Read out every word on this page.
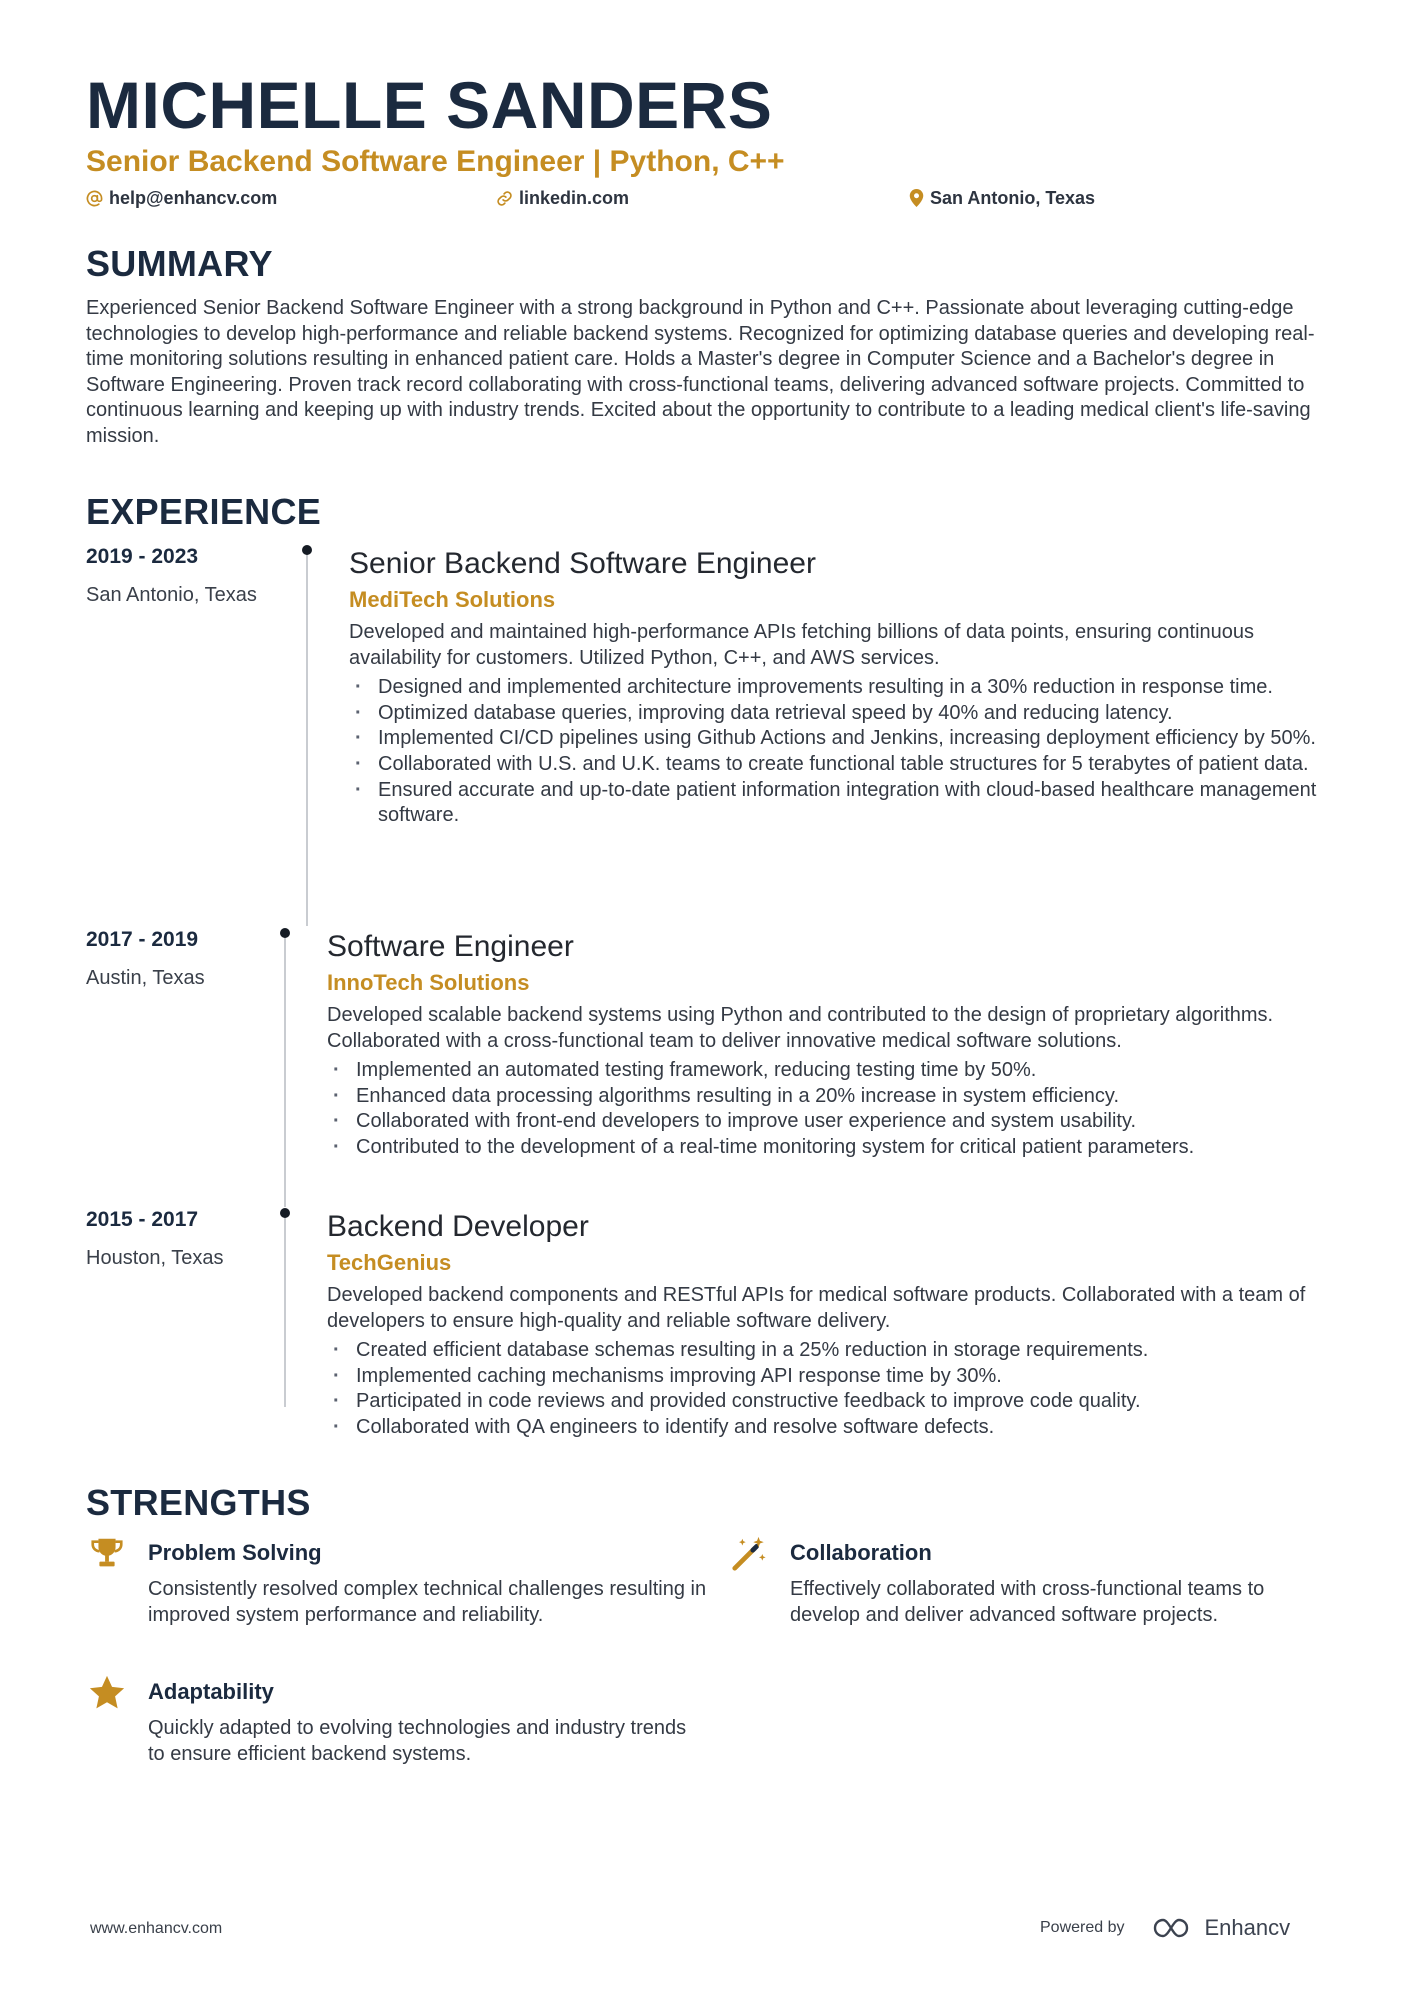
MICHELLE SANDERS
Senior Backend Software Engineer | Python, C++
help@enhancv.com	linkedin.com	San Antonio, Texas
SUMMARY
Experienced Senior Backend Software Engineer with a strong background in Python and C++. Passionate about leveraging cutting-edge technologies to develop high-performance and reliable backend systems. Recognized for optimizing database queries and developing real-time monitoring solutions resulting in enhanced patient care. Holds a Master's degree in Computer Science and a Bachelor's degree in Software Engineering. Proven track record collaborating with cross-functional teams, delivering advanced software projects. Committed to continuous learning and keeping up with industry trends. Excited about the opportunity to contribute to a leading medical client's life-saving mission.
EXPERIENCE
2019 - 2023
San Antonio, Texas
Senior Backend Software Engineer
MediTech Solutions
Developed and maintained high-performance APIs fetching billions of data points, ensuring continuous availability for customers. Utilized Python, C++, and AWS services.
· Designed and implemented architecture improvements resulting in a 30% reduction in response time.
· Optimized database queries, improving data retrieval speed by 40% and reducing latency.
· Implemented CI/CD pipelines using Github Actions and Jenkins, increasing deployment efficiency by 50%.
· Collaborated with U.S. and U.K. teams to create functional table structures for 5 terabytes of patient data.
· Ensured accurate and up-to-date patient information integration with cloud-based healthcare management software.
2017 - 2019
Austin, Texas
Software Engineer
InnoTech Solutions
Developed scalable backend systems using Python and contributed to the design of proprietary algorithms. Collaborated with a cross-functional team to deliver innovative medical software solutions.
· Implemented an automated testing framework, reducing testing time by 50%.
· Enhanced data processing algorithms resulting in a 20% increase in system efficiency.
· Collaborated with front-end developers to improve user experience and system usability.
· Contributed to the development of a real-time monitoring system for critical patient parameters.
2015 - 2017
Houston, Texas
Backend Developer
TechGenius
Developed backend components and RESTful APIs for medical software products. Collaborated with a team of developers to ensure high-quality and reliable software delivery.
· Created efficient database schemas resulting in a 25% reduction in storage requirements.
· Implemented caching mechanisms improving API response time by 30%.
· Participated in code reviews and provided constructive feedback to improve code quality.
· Collaborated with QA engineers to identify and resolve software defects.
STRENGTHS
Problem Solving
Consistently resolved complex technical challenges resulting in improved system performance and reliability.
Collaboration
Effectively collaborated with cross-functional teams to develop and deliver advanced software projects.
Adaptability
Quickly adapted to evolving technologies and industry trends to ensure efficient backend systems.
www.enhancv.com	Powered by	Enhancv
